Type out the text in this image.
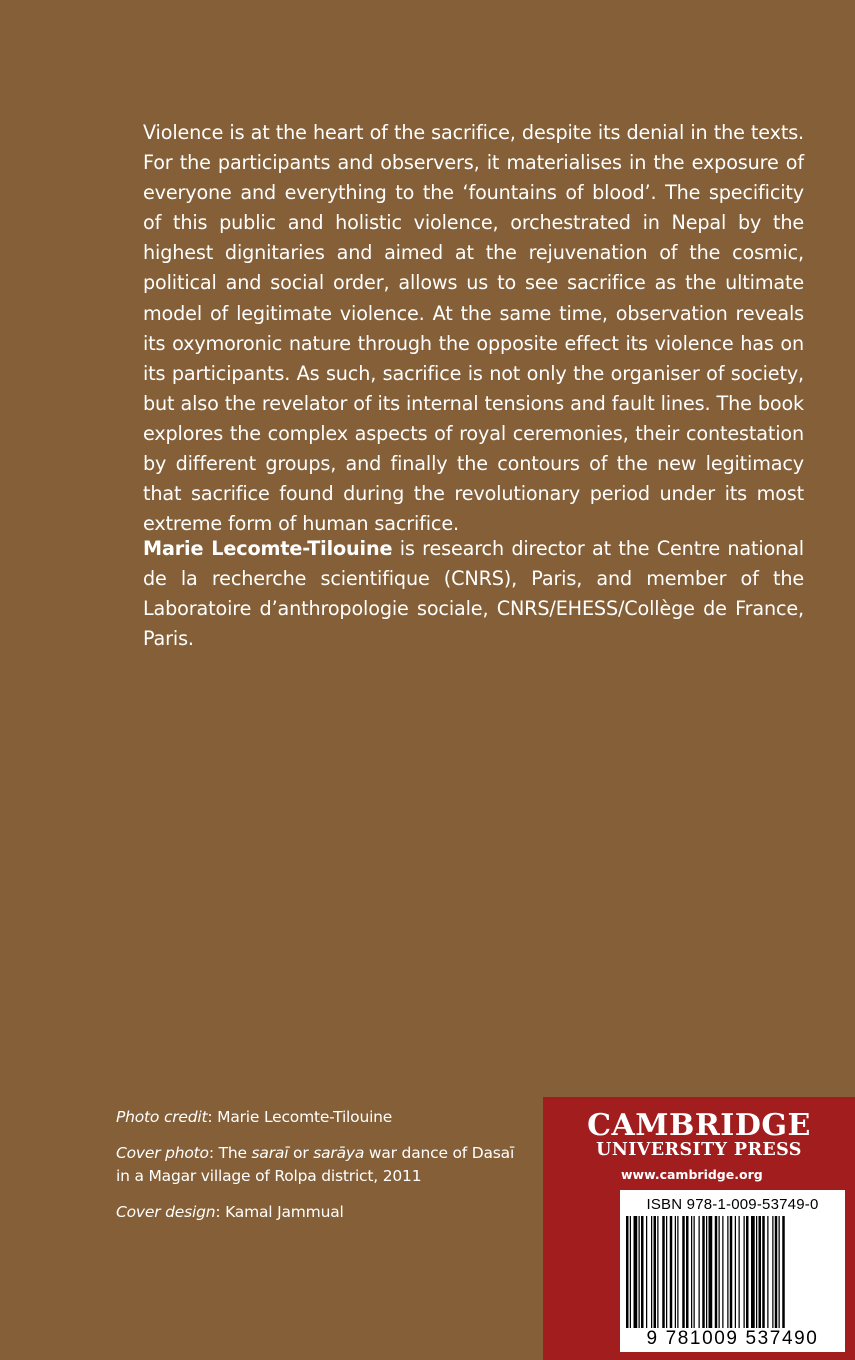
Violence is at the heart of the sacrifice, despite its denial in the texts. For the participants and observers, it materialises in the exposure of everyone and everything to the ‘fountains of blood’. The specificity of this public and holistic violence, orchestrated in Nepal by the highest dignitaries and aimed at the rejuvenation of the cosmic, political and social order, allows us to see sacrifice as the ultimate model of legitimate violence. At the same time, observation reveals its oxymoronic nature through the opposite effect its violence has on its participants. As such, sacrifice is not only the organiser of society, but also the revelator of its internal tensions and fault lines. The book explores the complex aspects of royal ceremonies, their contestation by different groups, and finally the contours of the new legitimacy that sacrifice found during the revolutionary period under its most extreme form of human sacrifice.

Marie Lecomte-Tilouine is research director at the Centre national de la recherche scientifique (CNRS), Paris, and member of the Laboratoire d’anthropologie sociale, CNRS/EHESS/Collège de France, Paris.

Photo credit: Marie Lecomte-Tilouine

Cover photo: The saraī or sarāya war dance of Dasaī in a Magar village of Rolpa district, 2011

Cover design: Kamal Jammual

CAMBRIDGE
UNIVERSITY PRESS
www.cambridge.org
ISBN 978-1-009-53749-0
9 781009 537490
